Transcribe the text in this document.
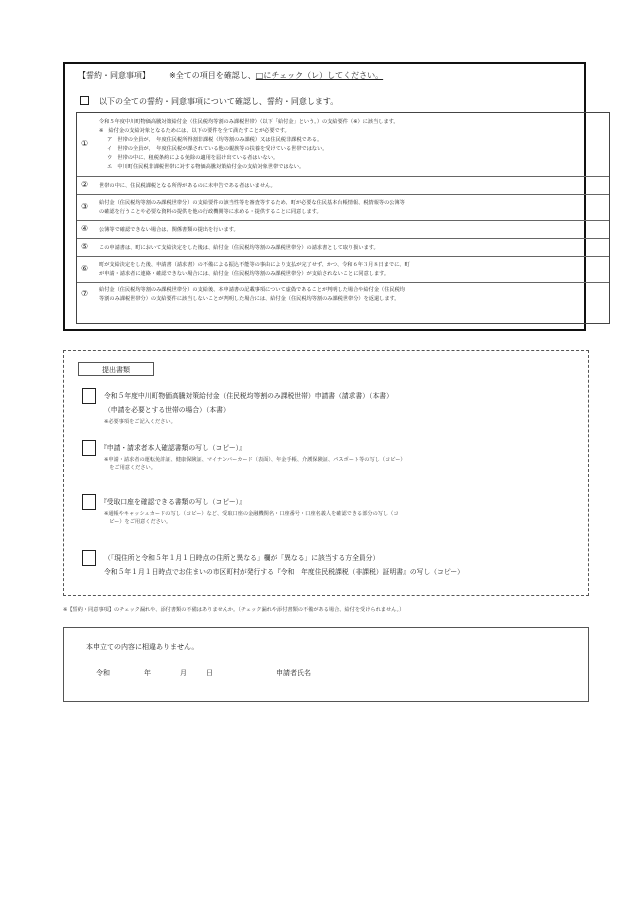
【誓約・同意事項】 ※全ての項目を確認し、□にチェック（レ）してください。
以下の全ての誓約・同意事項について確認し、誓約・同意します。
①
令和５年度中川町物価高騰対策給付金（住民税均等割のみ課税世帯）（以下「給付金」という。）の支給要件（※）に該当します。
※　給付金の支給対象となるためには、以下の要件を全て満たすことが必要です。
ア　世帯の全員が、　年度住民税所得割非課税（均等割のみ課税）又は住民税非課税である。
イ　世帯の全員が、　年度住民税が課されている他の親族等の扶養を受けている世帯ではない。
ウ　世帯の中に、租税条約による免除の適用を届け出ている者はいない。
エ　中川町住民税非課税世帯に対する物価高騰対策給付金の支給対象世帯ではない。
② 世帯の中に、住民税課税となる所得があるのに未申告である者はいません。
③ 給付金（住民税均等割のみ課税世帯分）の支給要件の該当性等を審査等するため、町が必要な住民基本台帳情報、税情報等の公簿等
の確認を行うことや必要な資料の提供を他の行政機関等に求める・提供することに同意します。
④ 公簿等で確認できない場合は、関係書類の提出を行います。
⑤ この申請書は、町において支給決定をした後は、給付金（住民税均等割のみ課税世帯分）の請求書として取り扱います。
⑥ 町が支給決定をした後、申請書（請求書）の不備による振込不能等の事由により支払が完了せず、かつ、令和６年３月８日までに、町
が申請・請求者に連絡・確認できない場合には、給付金（住民税均等割のみ課税世帯分）が支給されないことに同意します。
⑦ 給付金（住民税均等割のみ課税世帯分）の支給後、本申請書の記載事項について虚偽であることが判明した場合や給付金（住民税均
等割のみ課税世帯分）の支給要件に該当しないことが判明した場合には、給付金（住民税均等割のみ課税世帯分）を返還します。
提出書類
令和５年度中川町物価高騰対策給付金（住民税均等割のみ課税世帯）申請書（請求書）（本書）
（申請を必要とする世帯の場合）（本書）
※必要事項をご記入ください。
『申請・請求者本人確認書類の写し（コピー）』
※申請・請求者の運転免許証、健康保険証、マイナンバーカード（表面）、年金手帳、介護保険証、パスポート等の写し（コピー）
　をご用意ください。
『受取口座を確認できる書類の写し（コピー）』
※通帳やキャッシュカードの写し（コピー）など、受取口座の金融機関名・口座番号・口座名義人を確認できる部分の写し（コ
　ピー）をご用意ください。
（「現住所と令和５年１月１日時点の住所と異なる」欄が「異なる」に該当する方全員分）
令和５年１月１日時点でお住まいの市区町村が発行する『令和　年度住民税課税（非課税）証明書』の写し（コピー）
※【誓約・同意事項】のチェック漏れや、添付書類の不備はありませんか。（チェック漏れや添付書類の不備がある場合、給付を受けられません。）
本申立ての内容に相違ありません。
令和	年	月	日	申請者氏名
